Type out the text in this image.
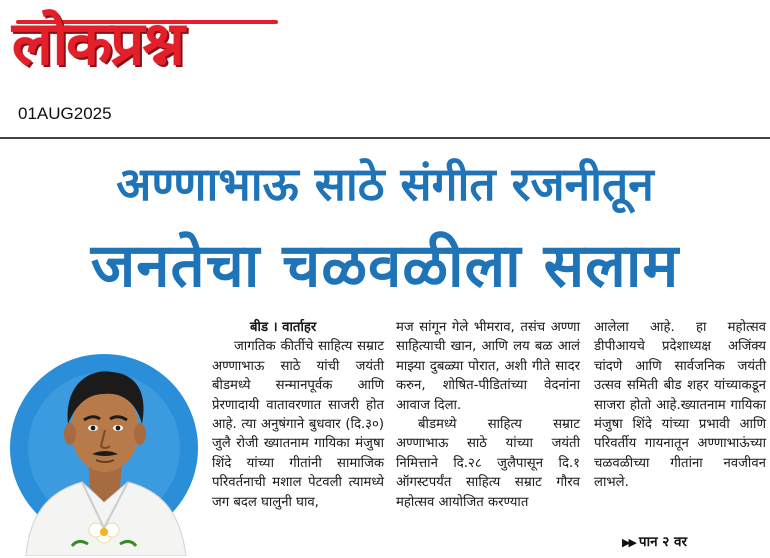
लोकप्रश्न
01AUG2025
अण्णाभाऊ साठे संगीत रजनीतून
जनतेचा चळवळीला सलाम

बीड । वार्ताहर

जागतिक कीर्तीचे साहित्य सम्राट अण्णाभाऊ साठे यांची जयंती बीडमध्ये सन्मानपूर्वक आणि प्रेरणादायी वातावरणात साजरी होत आहे. त्या अनुषंगाने बुधवार (दि.३०) जुलै रोजी ख्यातनाम गायिका मंजुषा शिंदे यांच्या गीतांनी सामाजिक परिवर्तनाची मशाल पेटवली त्यामध्ये जग बदल घालुनी घाव,

मज सांगून गेले भीमराव, तसंच अण्णा साहित्याची खान, आणि लय बळ आलं माझ्या दुबळ्या पोरात, अशी गीते सादर करुन, शोषित-पीडितांच्या वेदनांना आवाज दिला.

बीडमध्ये साहित्य सम्राट अण्णाभाऊ साठे यांच्या जयंती निमित्ताने दि.२८ जुलैपासून दि.१ ऑगस्टपर्यंत साहित्य सम्राट गौरव महोत्सव आयोजित करण्यात

आलेला आहे. हा महोत्सव डीपीआयचे प्रदेशाध्यक्ष अजिंक्य चांदणे आणि सार्वजनिक जयंती उत्सव समिती बीड शहर यांच्याकडून साजरा होतो आहे.ख्यातनाम गायिका मंजुषा शिंदे यांच्या प्रभावी आणि परिवर्तीय गायनातून अण्णाभाऊंच्या चळवळीच्या गीतांना नवजीवन लाभले.

▶▶ पान २ वर
